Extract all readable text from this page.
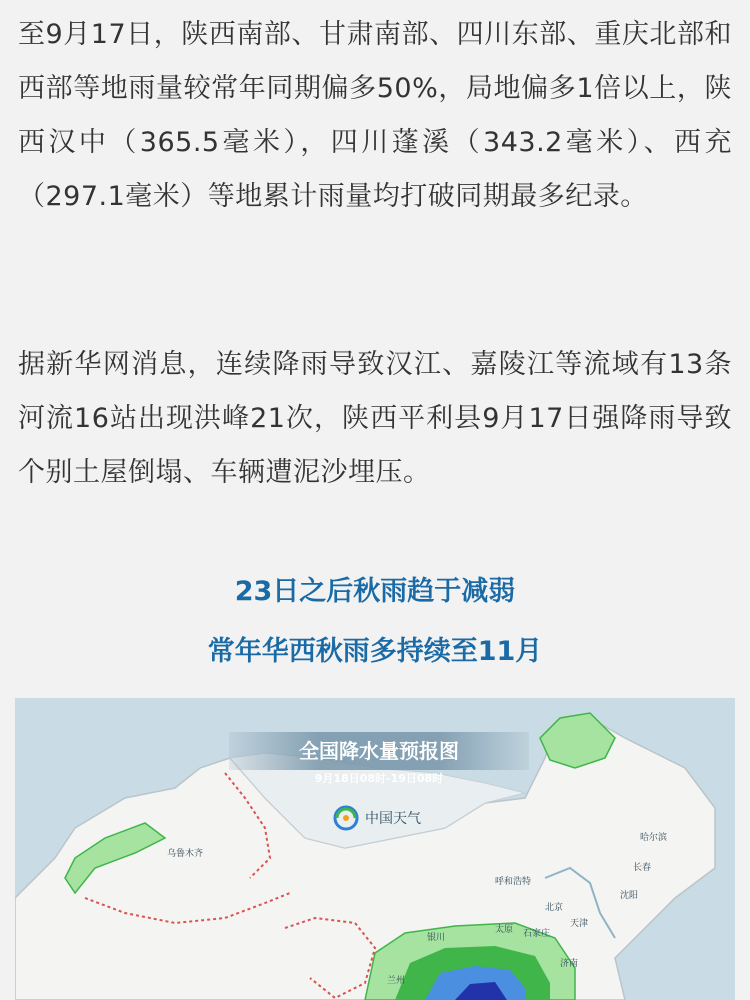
至9月17日，陕西南部、甘肃南部、四川东部、重庆北部和西部等地雨量较常年同期偏多50%，局地偏多1倍以上，陕西汉中（365.5毫米），四川蓬溪（343.2毫米）、西充（297.1毫米）等地累计雨量均打破同期最多纪录。

据新华网消息，连续降雨导致汉江、嘉陵江等流域有13条河流16站出现洪峰21次，陕西平利县9月17日强降雨导致个别土屋倒塌、车辆遭泥沙埋压。

23日之后秋雨趋于减弱
常年华西秋雨多持续至11月
全国降水量预报图
9月18日08时-19日08时
中国天气
乌鲁木齐
哈尔滨
长春
沈阳
呼和浩特
北京
天津
石家庄
太原
银川
济南
兰州
